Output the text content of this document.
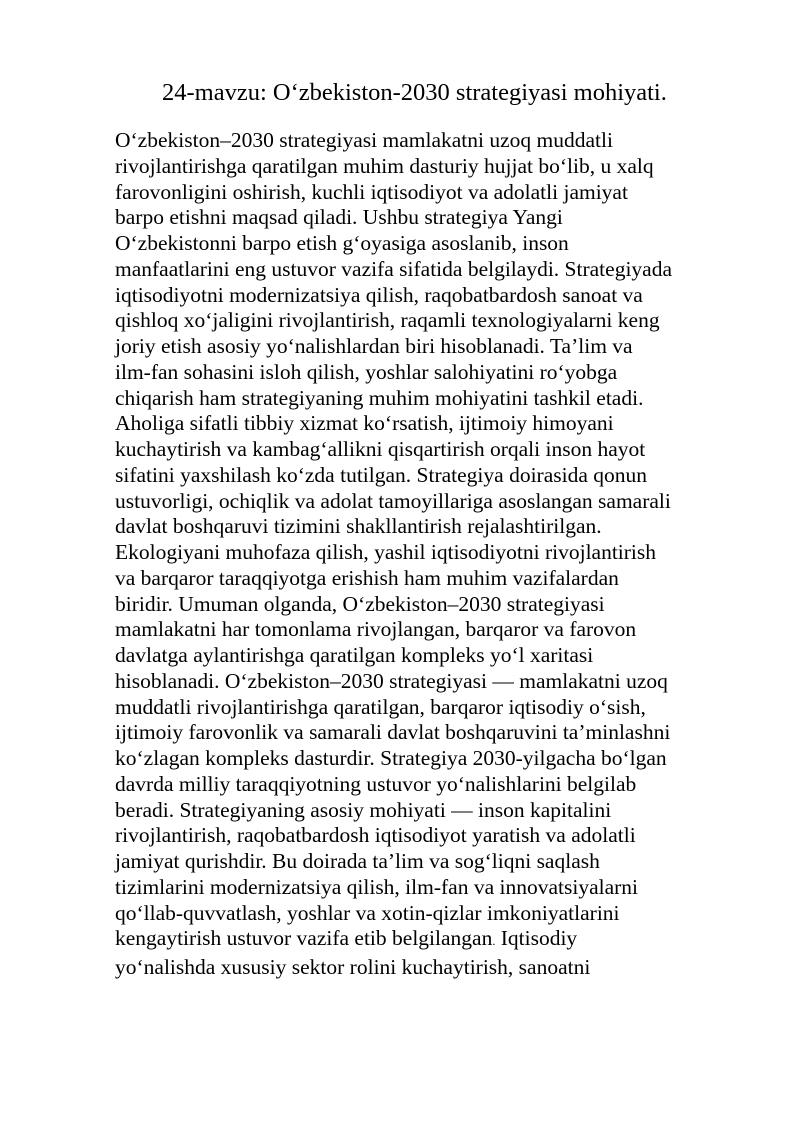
24-mavzu: O‘zbekiston-2030 strategiyasi mohiyati.
O‘zbekiston–2030 strategiyasi mamlakatni uzoq muddatli
rivojlantirishga qaratilgan muhim dasturiy hujjat bo‘lib, u xalq
farovonligini oshirish, kuchli iqtisodiyot va adolatli jamiyat
barpo etishni maqsad qiladi. Ushbu strategiya Yangi
O‘zbekistonni barpo etish g‘oyasiga asoslanib, inson
manfaatlarini eng ustuvor vazifa sifatida belgilaydi. Strategiyada
iqtisodiyotni modernizatsiya qilish, raqobatbardosh sanoat va
qishloq xo‘jaligini rivojlantirish, raqamli texnologiyalarni keng
joriy etish asosiy yo‘nalishlardan biri hisoblanadi. Ta’lim va
ilm-fan sohasini isloh qilish, yoshlar salohiyatini ro‘yobga
chiqarish ham strategiyaning muhim mohiyatini tashkil etadi.
Aholiga sifatli tibbiy xizmat ko‘rsatish, ijtimoiy himoyani
kuchaytirish va kambag‘allikni qisqartirish orqali inson hayot
sifatini yaxshilash ko‘zda tutilgan. Strategiya doirasida qonun
ustuvorligi, ochiqlik va adolat tamoyillariga asoslangan samarali
davlat boshqaruvi tizimini shakllantirish rejalashtirilgan.
Ekologiyani muhofaza qilish, yashil iqtisodiyotni rivojlantirish
va barqaror taraqqiyotga erishish ham muhim vazifalardan
biridir. Umuman olganda, O‘zbekiston–2030 strategiyasi
mamlakatni har tomonlama rivojlangan, barqaror va farovon
davlatga aylantirishga qaratilgan kompleks yo‘l xaritasi
hisoblanadi. O‘zbekiston–2030 strategiyasi — mamlakatni uzoq
muddatli rivojlantirishga qaratilgan, barqaror iqtisodiy o‘sish,
ijtimoiy farovonlik va samarali davlat boshqaruvini ta’minlashni
ko‘zlagan kompleks dasturdir. Strategiya 2030-yilgacha bo‘lgan
davrda milliy taraqqiyotning ustuvor yo‘nalishlarini belgilab
beradi. Strategiyaning asosiy mohiyati — inson kapitalini
rivojlantirish, raqobatbardosh iqtisodiyot yaratish va adolatli
jamiyat qurishdir. Bu doirada ta’lim va sog‘liqni saqlash
tizimlarini modernizatsiya qilish, ilm-fan va innovatsiyalarni
qo‘llab-quvvatlash, yoshlar va xotin-qizlar imkoniyatlarini
kengaytirish ustuvor vazifa etib belgilangan. Iqtisodiy
yo‘nalishda xususiy sektor rolini kuchaytirish, sanoatni
